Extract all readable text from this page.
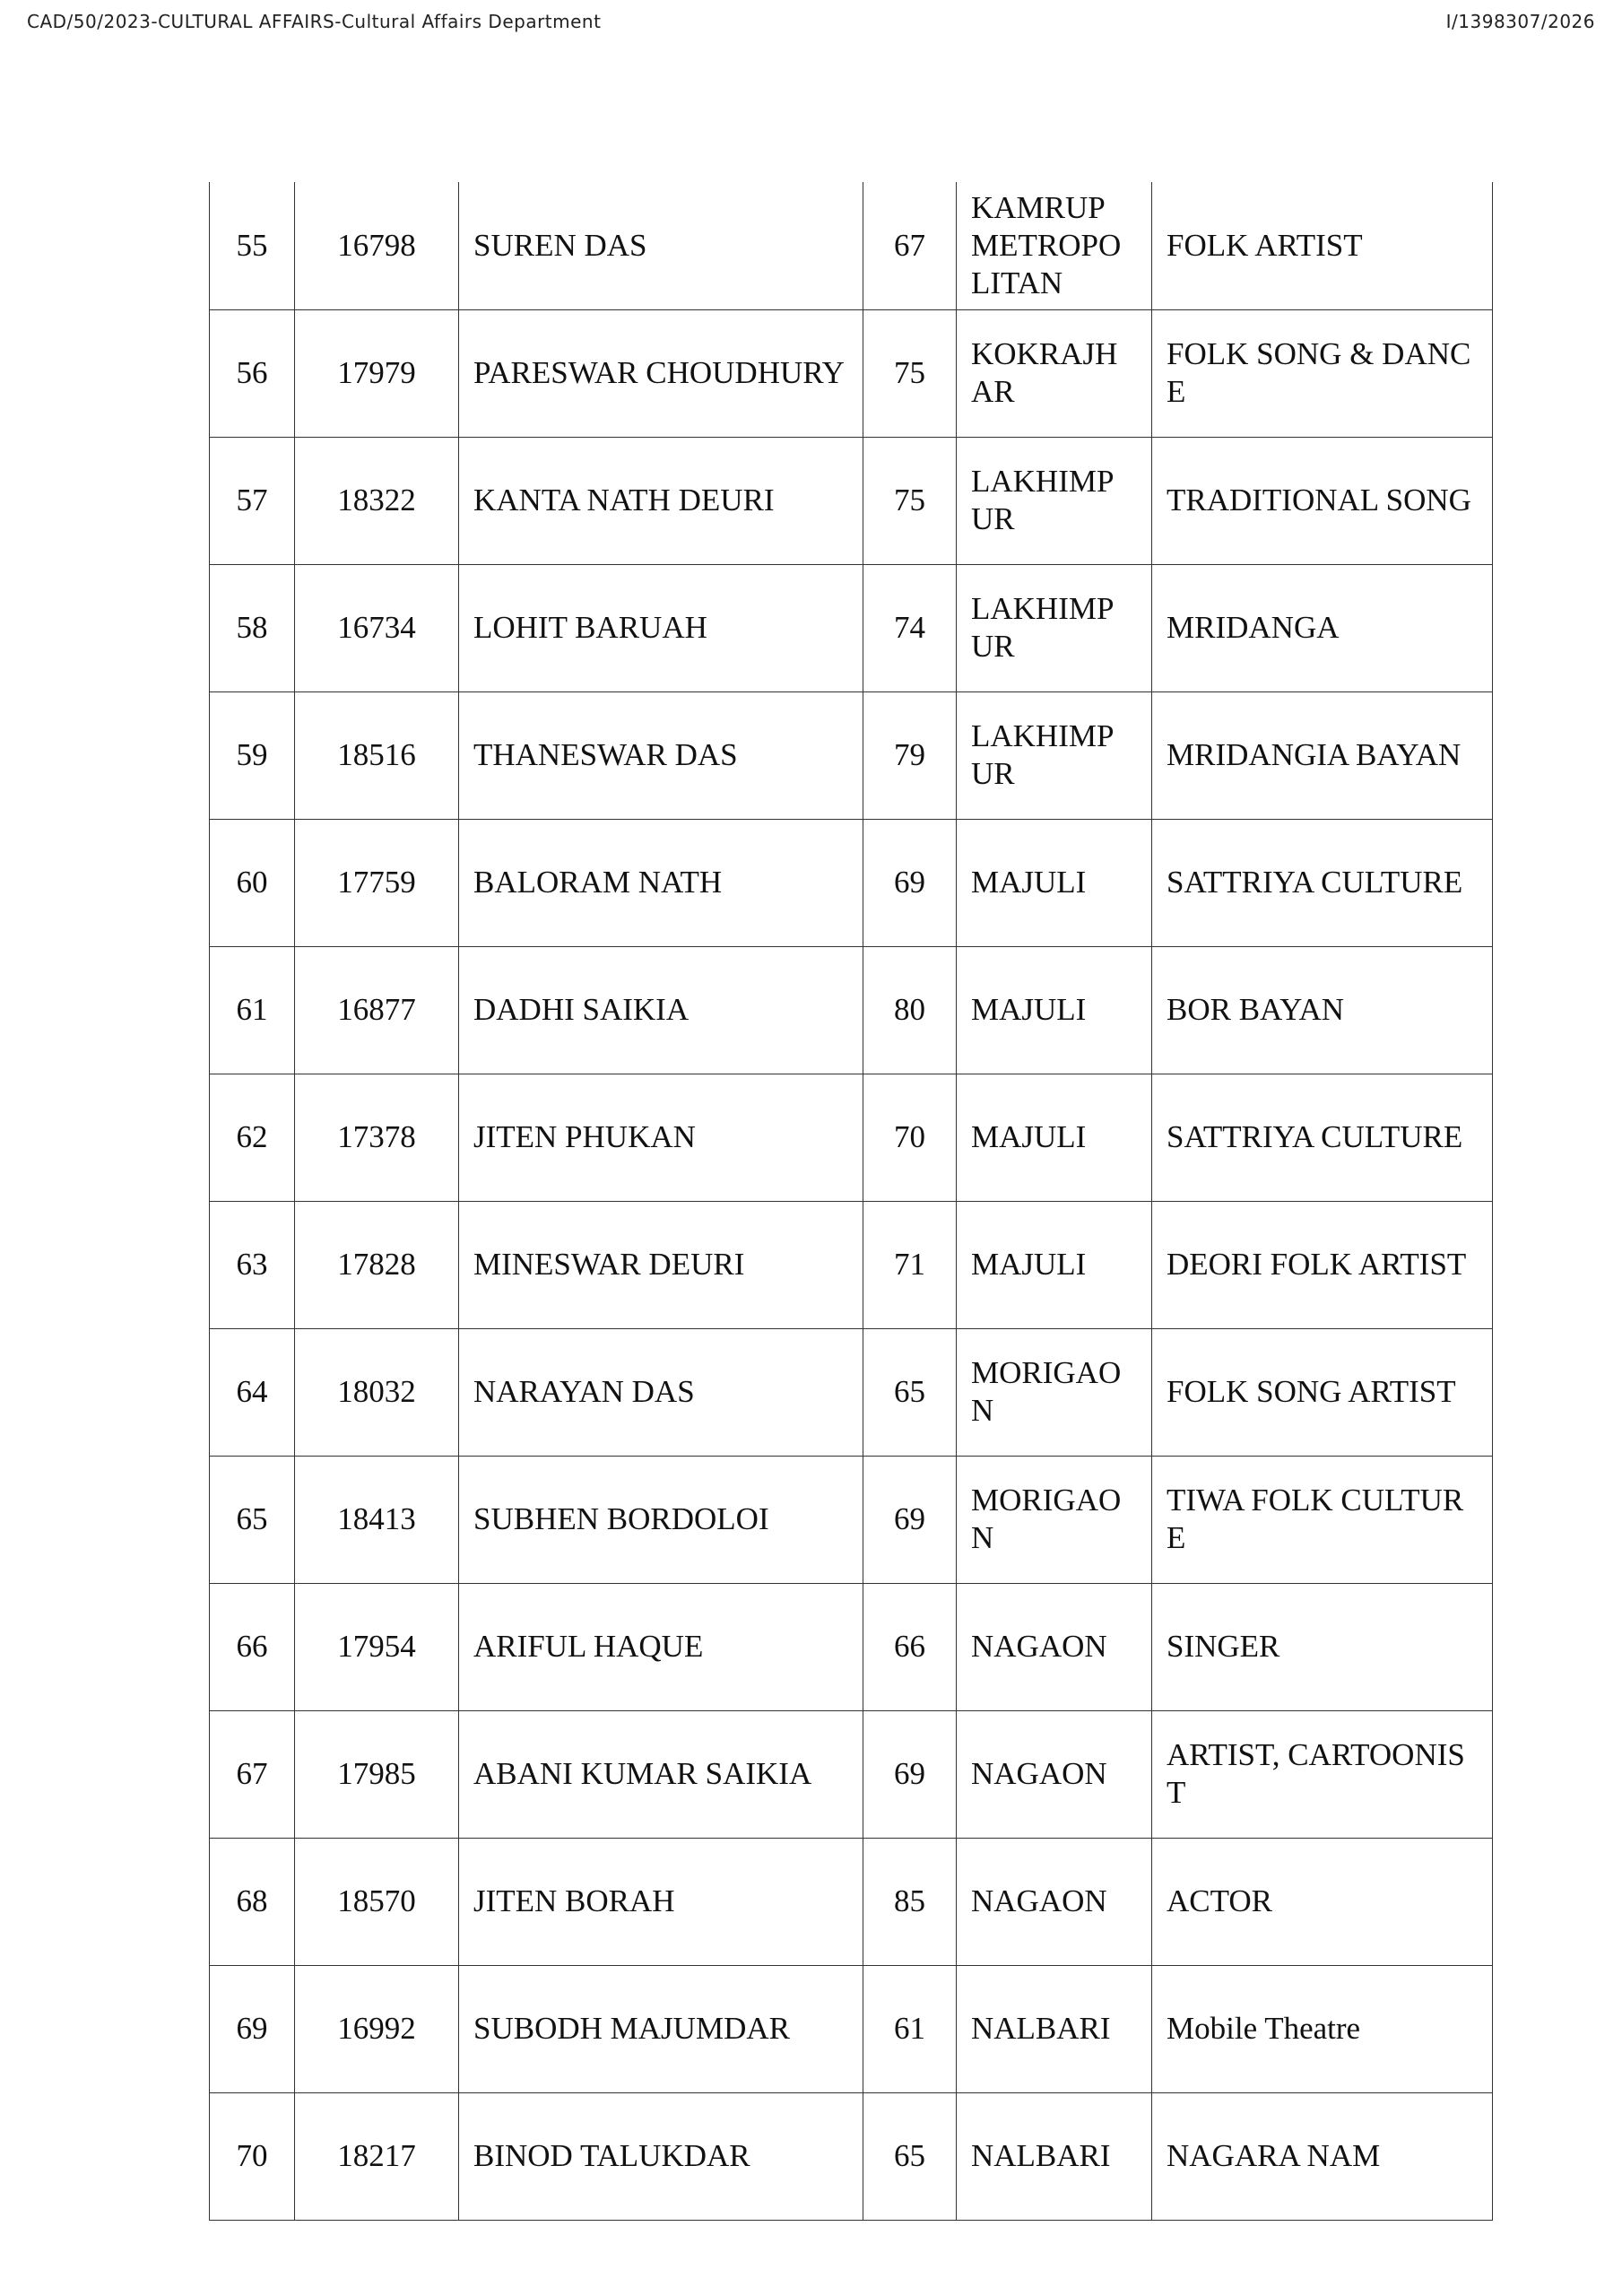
CAD/50/2023-CULTURAL AFFAIRS-Cultural Affairs Department	I/1398307/2026
55	16798	SUREN DAS	67	KAMRUP METROPO LITAN	FOLK ARTIST
56	17979	PARESWAR CHOUDHURY	75	KOKRAJH AR	FOLK SONG & DANCE
57	18322	KANTA NATH DEURI	75	LAKHIMP UR	TRADITIONAL SONG
58	16734	LOHIT BARUAH	74	LAKHIMP UR	MRIDANGA
59	18516	THANESWAR DAS	79	LAKHIMP UR	MRIDANGIA BAYAN
60	17759	BALORAM NATH	69	MAJULI	SATTRIYA CULTURE
61	16877	DADHI SAIKIA	80	MAJULI	BOR BAYAN
62	17378	JITEN PHUKAN	70	MAJULI	SATTRIYA CULTURE
63	17828	MINESWAR DEURI	71	MAJULI	DEORI FOLK ARTIST
64	18032	NARAYAN DAS	65	MORIGAO N	FOLK SONG ARTIST
65	18413	SUBHEN BORDOLOI	69	MORIGAO N	TIWA FOLK CULTURE
66	17954	ARIFUL HAQUE	66	NAGAON	SINGER
67	17985	ABANI KUMAR SAIKIA	69	NAGAON	ARTIST, CARTOONIST
68	18570	JITEN BORAH	85	NAGAON	ACTOR
69	16992	SUBODH MAJUMDAR	61	NALBARI	Mobile Theatre
70	18217	BINOD TALUKDAR	65	NALBARI	NAGARA NAM
